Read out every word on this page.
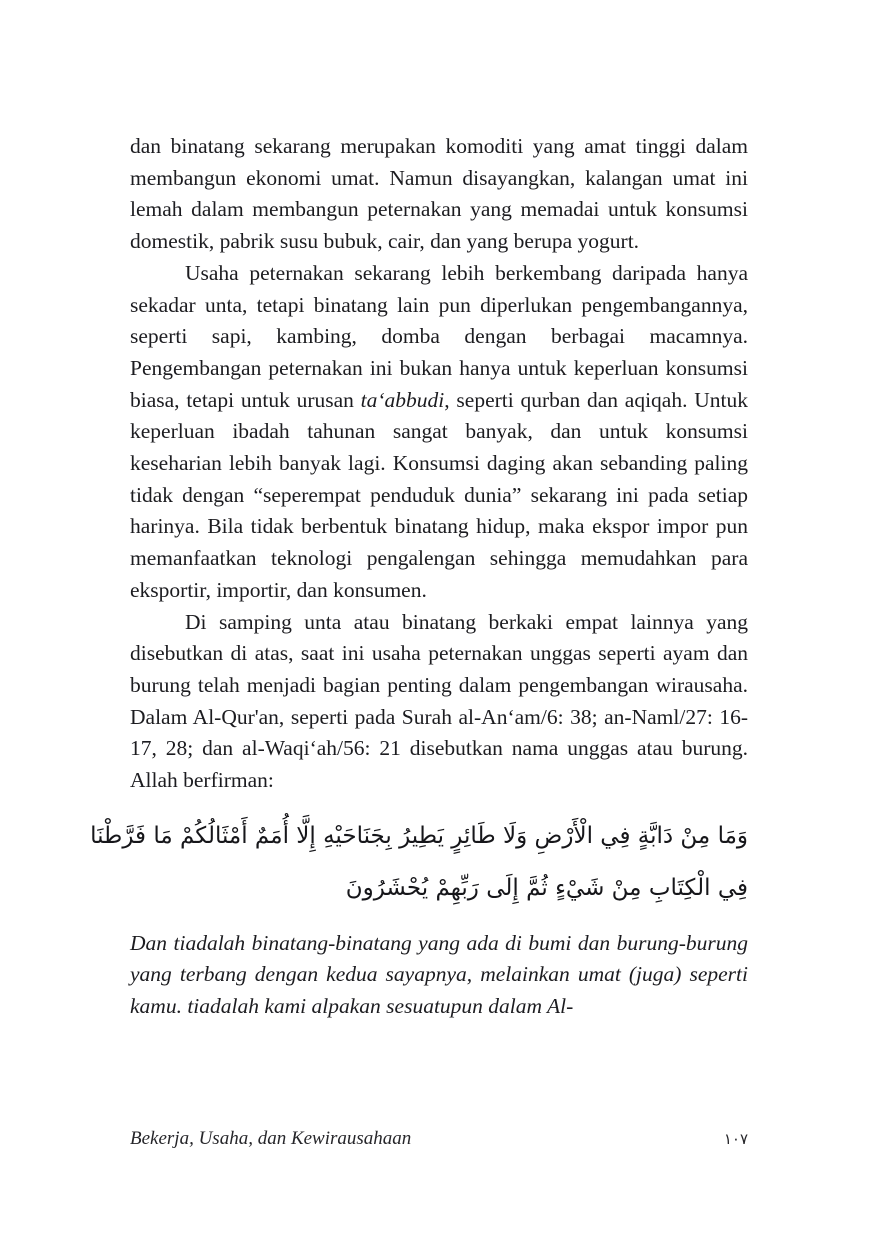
dan binatang sekarang merupakan komoditi yang amat tinggi dalam membangun ekonomi umat. Namun disayangkan, kalangan umat ini lemah dalam membangun peternakan yang memadai untuk konsumsi domestik, pabrik susu bubuk, cair, dan yang berupa yogurt.

Usaha peternakan sekarang lebih berkembang daripada hanya sekadar unta, tetapi binatang lain pun diperlukan pengembangannya, seperti sapi, kambing, domba dengan berbagai macamnya. Pengembangan peternakan ini bukan hanya untuk keperluan konsumsi biasa, tetapi untuk urusan ta‘abbudi, seperti qurban dan aqiqah. Untuk keperluan ibadah tahunan sangat banyak, dan untuk konsumsi keseharian lebih banyak lagi. Konsumsi daging akan sebanding paling tidak dengan “seperempat penduduk dunia” sekarang ini pada setiap harinya. Bila tidak berbentuk binatang hidup, maka ekspor impor pun memanfaatkan teknologi pengalengan sehingga memudahkan para eksportir, importir, dan konsumen.

Di samping unta atau binatang berkaki empat lainnya yang disebutkan di atas, saat ini usaha peternakan unggas seperti ayam dan burung telah menjadi bagian penting dalam pengembangan wirausaha. Dalam Al-Qur'an, seperti pada Surah al-An‘am/6: 38; an-Naml/27: 16-17, 28; dan al-Waqi‘ah/56: 21 disebutkan nama unggas atau burung. Allah berfirman:

وَمَا مِنْ دَابَّةٍ فِي الْأَرْضِ وَلَا طَائِرٍ يَطِيرُ بِجَنَاحَيْهِ إِلَّا أُمَمٌ أَمْثَالُكُمْ مَا فَرَّطْنَا
فِي الْكِتَابِ مِنْ شَيْءٍ ثُمَّ إِلَى رَبِّهِمْ يُحْشَرُونَ

Dan tiadalah binatang-binatang yang ada di bumi dan burung-burung yang terbang dengan kedua sayapnya, melainkan umat (juga) seperti kamu. tiadalah kami alpakan sesuatupun dalam Al-

Bekerja, Usaha, dan Kewirausahaan	١٠٧
